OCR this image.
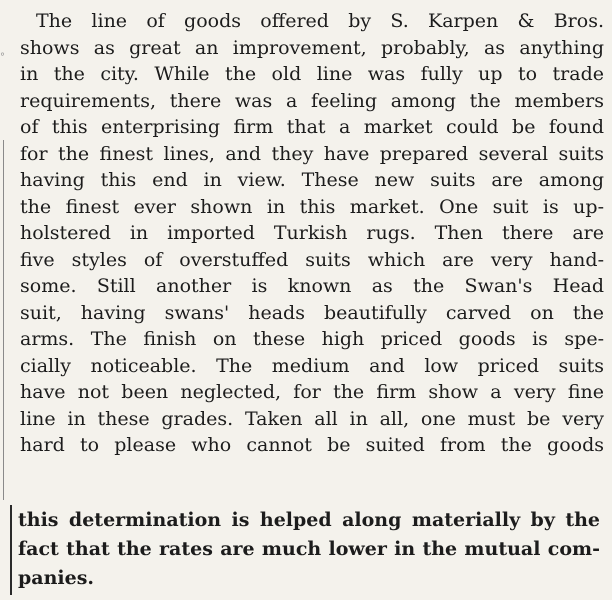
°
The line of goods offered by S. Karpen & Bros.
shows as great an improvement, probably, as anything
in the city. While the old line was fully up to trade
requirements, there was a feeling among the members
of this enterprising firm that a market could be found
for the finest lines, and they have prepared several suits
having this end in view. These new suits are among
the finest ever shown in this market. One suit is up-
holstered in imported Turkish rugs. Then there are
five styles of overstuffed suits which are very hand-
some. Still another is known as the Swan's Head
suit, having swans' heads beautifully carved on the
arms. The finish on these high priced goods is spe-
cially noticeable. The medium and low priced suits
have not been neglected, for the firm show a very fine
line in these grades. Taken all in all, one must be very
hard to please who cannot be suited from the goods
this determination is helped along materially by the
fact that the rates are much lower in the mutual com-
panies.
